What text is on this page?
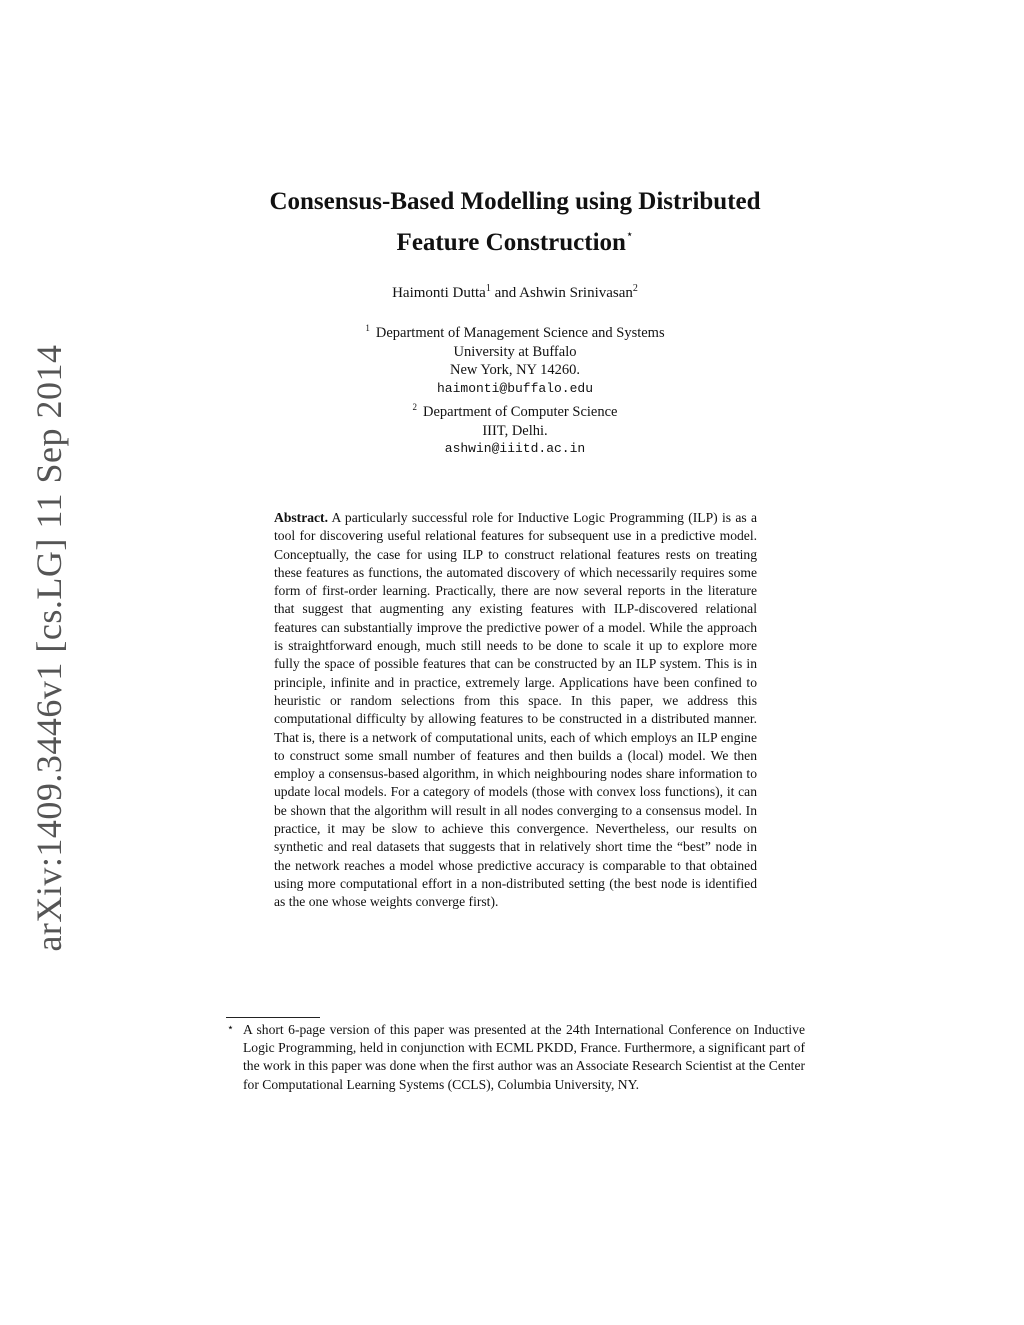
arXiv:1409.3446v1 [cs.LG] 11 Sep 2014
Consensus-Based Modelling using Distributed
Feature Construction⋆
Haimonti Dutta$^1$ and Ashwin Srinivasan$^2$
$^1$ Department of Management Science and Systems
University at Buffalo
New York, NY 14260.
haimonti@buffalo.edu
$^2$ Department of Computer Science
IIIT, Delhi.
ashwin@iiitd.ac.in
Abstract. A particularly successful role for Inductive Logic Programming (ILP) is as a tool for discovering useful relational features for subsequent use in a predictive model. Conceptually, the case for using ILP to construct relational features rests on treating these features as functions, the automated discovery of which necessarily requires some form of first-order learning. Practically, there are now several reports in the literature that suggest that augmenting any existing features with ILP-discovered relational features can substantially improve the predictive power of a model. While the approach is straightforward enough, much still needs to be done to scale it up to explore more fully the space of possible features that can be constructed by an ILP system. This is in principle, infinite and in practice, extremely large. Applications have been confined to heuristic or random selections from this space. In this paper, we address this computational difficulty by allowing features to be constructed in a distributed manner. That is, there is a network of computational units, each of which employs an ILP engine to construct some small number of features and then builds a (local) model. We then employ a consensus-based algorithm, in which neighbouring nodes share information to update local models. For a category of models (those with convex loss functions), it can be shown that the algorithm will result in all nodes converging to a consensus model. In practice, it may be slow to achieve this convergence. Nevertheless, our results on synthetic and real datasets that suggests that in relatively short time the “best” node in the network reaches a model whose predictive accuracy is comparable to that obtained using more computational effort in a non-distributed setting (the best node is identified as the one whose weights converge first).
⋆ A short 6-page version of this paper was presented at the 24th International Conference on Inductive Logic Programming, held in conjunction with ECML PKDD, France. Furthermore, a significant part of the work in this paper was done when the first author was an Associate Research Scientist at the Center for Computational Learning Systems (CCLS), Columbia University, NY.
